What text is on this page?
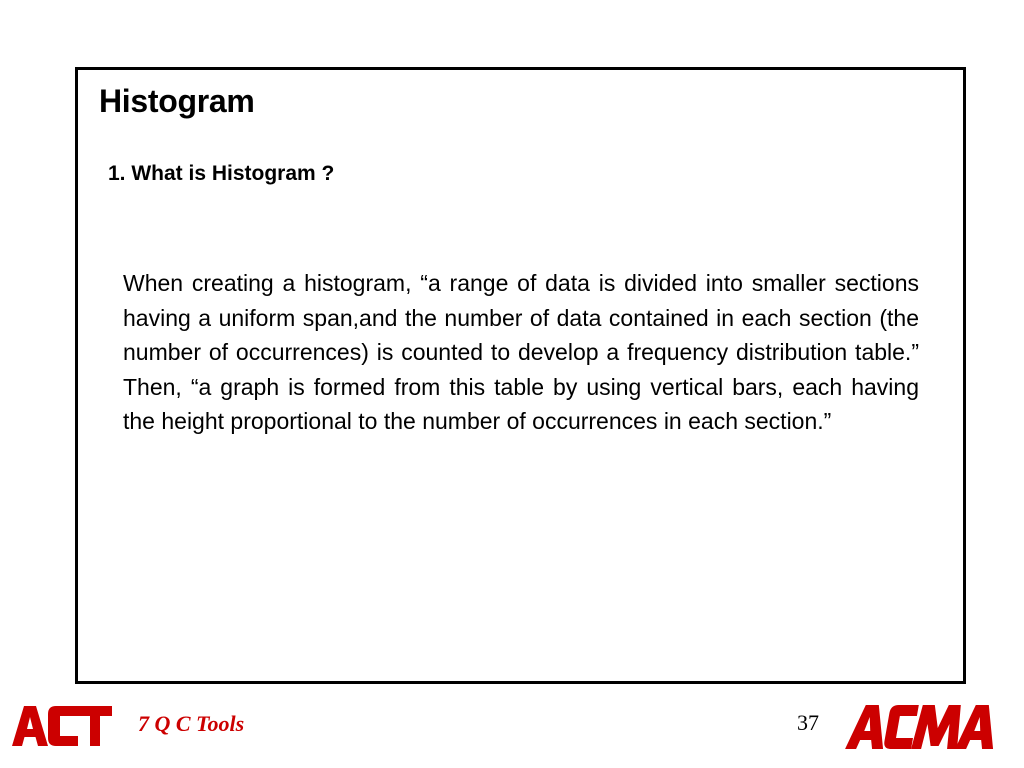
Histogram
1. What is Histogram ?

When creating a histogram, “a range of data is divided into smaller sections having a uniform span,and the number of data contained in each section (the number of occurrences) is counted to develop a frequency distribution table.” Then, “a graph is formed from this table by using vertical bars, each having the height proportional to the number of occurrences in each section.”

7 Q C Tools	37
